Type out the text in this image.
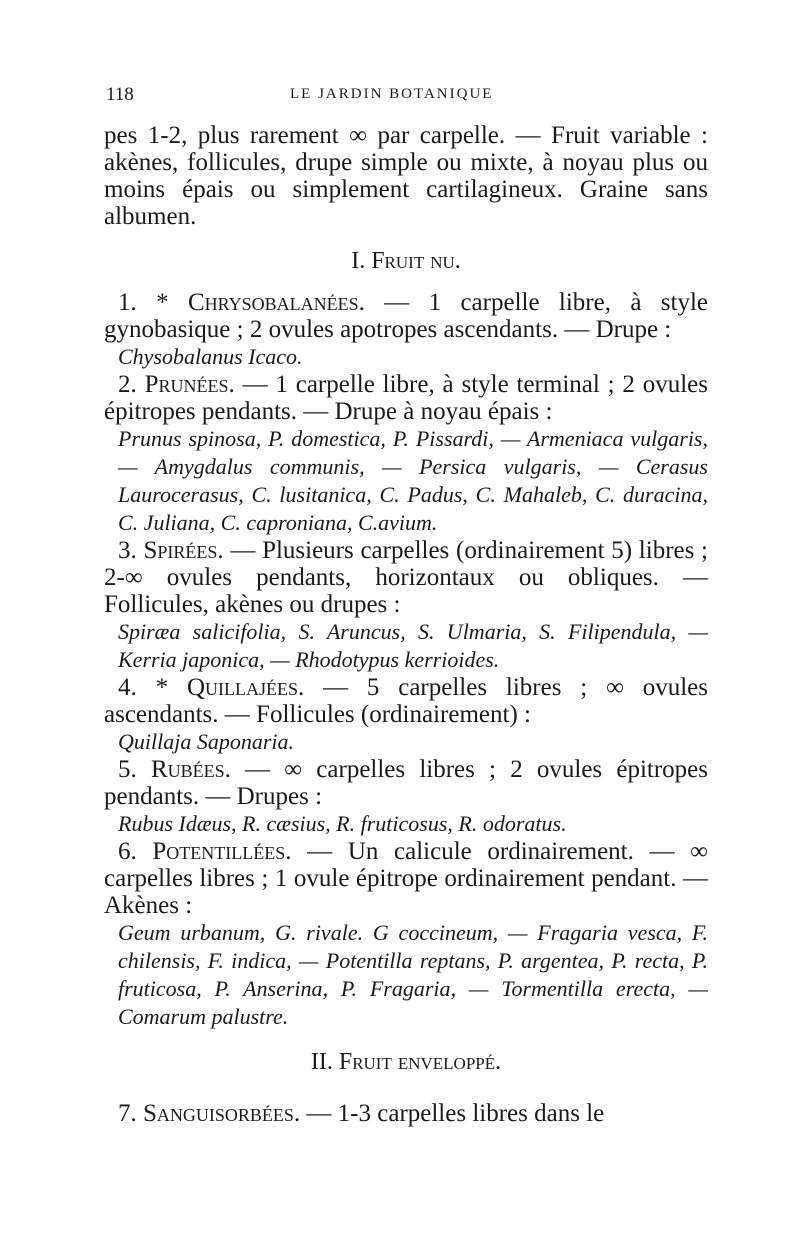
118	LE JARDIN BOTANIQUE

pes 1-2, plus rarement ∞ par carpelle. — Fruit variable : akènes, follicules, drupe simple ou mixte, à noyau plus ou moins épais ou simplement cartilagineux. Graine sans albumen.

I. Fruit nu.

1. * Chrysobalanées. — 1 carpelle libre, à style gynobasique ; 2 ovules apotropes ascendants. — Drupe :

Chysobalanus Icaco.

2. Prunées. — 1 carpelle libre, à style terminal ; 2 ovules épitropes pendants. — Drupe à noyau épais :

Prunus spinosa, P. domestica, P. Pissardi, — Armeniaca vulgaris, — Amygdalus communis, — Persica vulgaris, — Cerasus Laurocerasus, C. lusitanica, C. Padus, C. Mahaleb, C. duracina, C. Juliana, C. caproniana, C.avium.

3. Spirées. — Plusieurs carpelles (ordinairement 5) libres ; 2-∞ ovules pendants, horizontaux ou obliques. — Follicules, akènes ou drupes :

Spiræa salicifolia, S. Aruncus, S. Ulmaria, S. Filipendula, — Kerria japonica, — Rhodotypus kerrioides.

4. * Quillajées. — 5 carpelles libres ; ∞ ovules ascendants. — Follicules (ordinairement) :

Quillaja Saponaria.

5. Rubées. — ∞ carpelles libres ; 2 ovules épitropes pendants. — Drupes :

Rubus Idæus, R. cæsius, R. fruticosus, R. odoratus.

6. Potentillées. — Un calicule ordinairement. — ∞ carpelles libres ; 1 ovule épitrope ordinairement pendant. — Akènes :

Geum urbanum, G. rivale. G coccineum, — Fragaria vesca, F. chilensis, F. indica, — Potentilla reptans, P. argentea, P. recta, P. fruticosa, P. Anserina, P. Fragaria, — Tormentilla erecta, — Comarum palustre.

II. Fruit enveloppé.

7. Sanguisorbées. — 1-3 carpelles libres dans le
